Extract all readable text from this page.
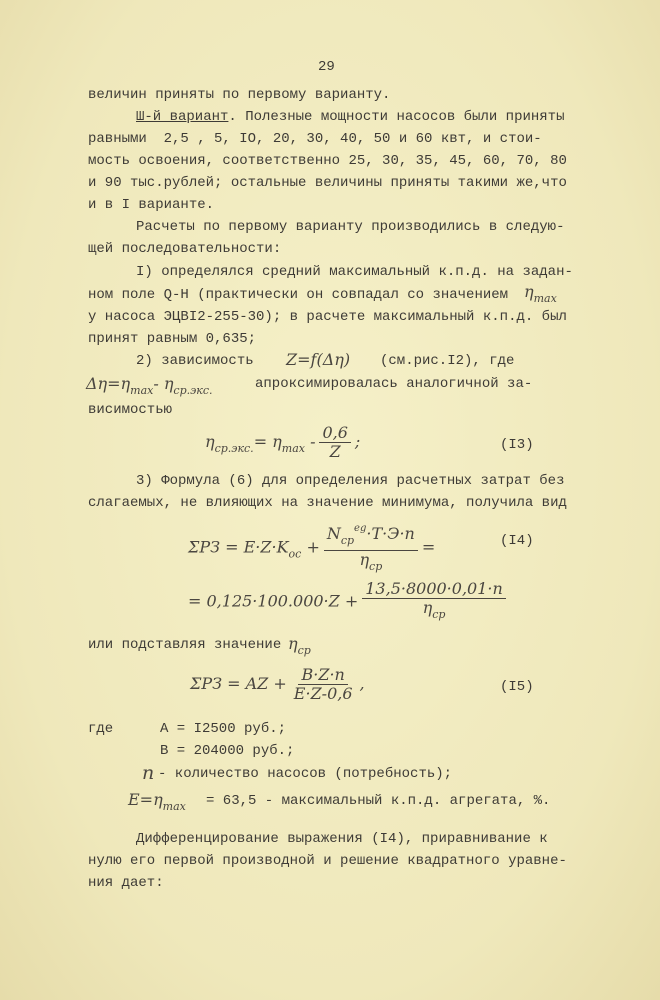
29
величин приняты по первому варианту.
Ш-й вариант. Полезные мощности насосов были приняты
равными  2,5 , 5, IO, 20, 30, 40, 50 и 60 квт, и стои-
мость освоения, соответственно 25, 30, 35, 45, 60, 70, 80
и 90 тыс.рублей; остальные величины приняты такими же,что
и в I варианте.
Расчеты по первому варианту производились в следую-
щей последовательности:
I) определялся средний максимальный к.п.д. на задан-
ном поле Q-H (практически он совпадал со значением $\eta_{max}$
у насоса ЭЦВI2-255-30); в расчете максимальный к.п.д. был
принят равным 0,635;
2) зависимость Z=f(Δη) (см.рис.I2), где
$\Delta\eta=\eta_{max}-$ $\eta_{ср.экс.}$	апроксимировалась аналогичной за-
висимостью
$\eta_{ср.экс.}= \eta_{max} - \frac{0,6}{Z}$ ;	(I3)
3) Формула (6) для определения расчетных затрат без
слагаемых, не влияющих на значение минимума, получила вид
$\Sigma PЗ = E\cdot Z\cdot K_{ос} + \frac{N_{ср}^{eg}\cdot T\cdot Э\cdot n}{\eta_{ср}}$ =	(I4)
= $0,125\cdot 100.000\cdot Z + \frac{13,5\cdot 8000\cdot 0,01\cdot n}{\eta_{ср}}$
или подставляя значение $\eta_{ср}$
ΣPЗ = AZ + $\frac{B\cdot Z\cdot n}{E\cdot Z-0,6}$ ,	(I5)
где	A = I2500 руб.;
B = 204000 руб.;
n - количество насосов (потребность);
$E=\eta_{max} = 63,5$ - максимальный к.п.д. агрегата, %.
Дифференцирование выражения (I4), приравнивание к
нулю его первой производной и решение квадратного уравне-
ния дает:
